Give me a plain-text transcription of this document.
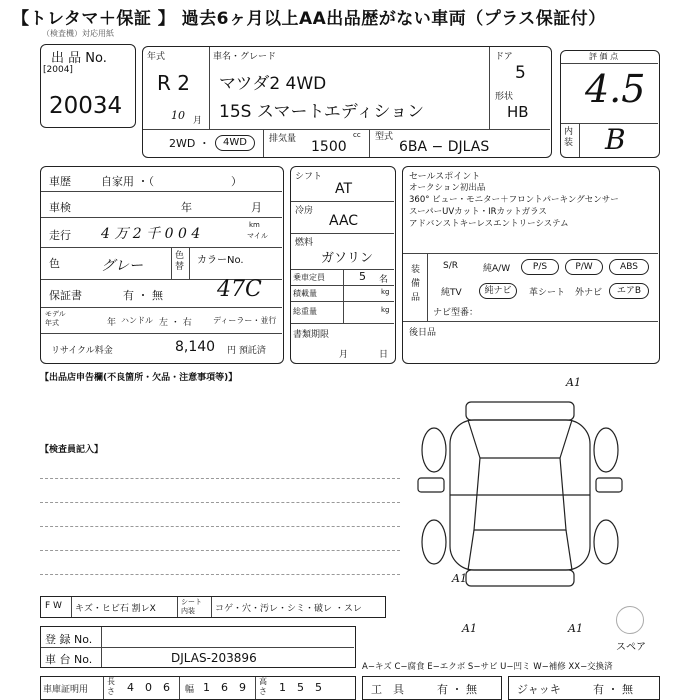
【トレタマ＋保証 】 過去6ヶ月以上AA出品歴がない車両（プラス保証付）
（検査機）対応用紙
出 品 No.
[2004]
20034
年式
R 2
10 月
車名・グレード
マツダ2 4WD
15S スマートエディション
ドア
5
形状
HB
2WD ・	4WD	排気量	cc
1500
型式
6BA − DJLAS
評 価 点
4.5
内装 B
車歴	自家用 ・（　　　　　　　）
車検	年	月
走行 4 万 2 千 0 0 4
km
マイル
色	グレー
色替
カラーNo.
保証書	有 ・ 無 47C
モデル年式	年 ハンドル 左 ・ 右	ディーラー・並行
リサイクル料金	8,140 円 預託済
シフト
AT
冷房
AAC
燃料
ガソリン
乗車定員	5 名
積載量	kg
総重量	kg
書類期限
月	日
セールスポイント
オークション初出品
360° ビュー・モニター＋フロントパーキングセンサー
スーパーUVカット・IRカットガラス
アドバンストキーレスエントリーシステム
装備品
S/R	純A/W	P/S	P/W	ABS
純TV	純ナビ	革シート 外ナビ	エアB
ナビ型番：
後日品
【出品店申告欄(不良箇所・欠品・注意事項等)】
【検査員記入】
A1
A1
A1	A1
スペア
F W キズ・ヒビ石 割レX
シート内装	コゲ・穴・汚レ・シミ・破レ ・スレ
登 録 No.
車 台 No.	DJLAS-203896
A−キズ C−腐食 E−エクボ S−サビ U−凹ミ W−補修 XX−交換済
車庫証明用
長さ 4 0 6 幅 1 6 9 高さ 1 5 5	工　具	有 ・ 無	ジャッキ	有 ・ 無
